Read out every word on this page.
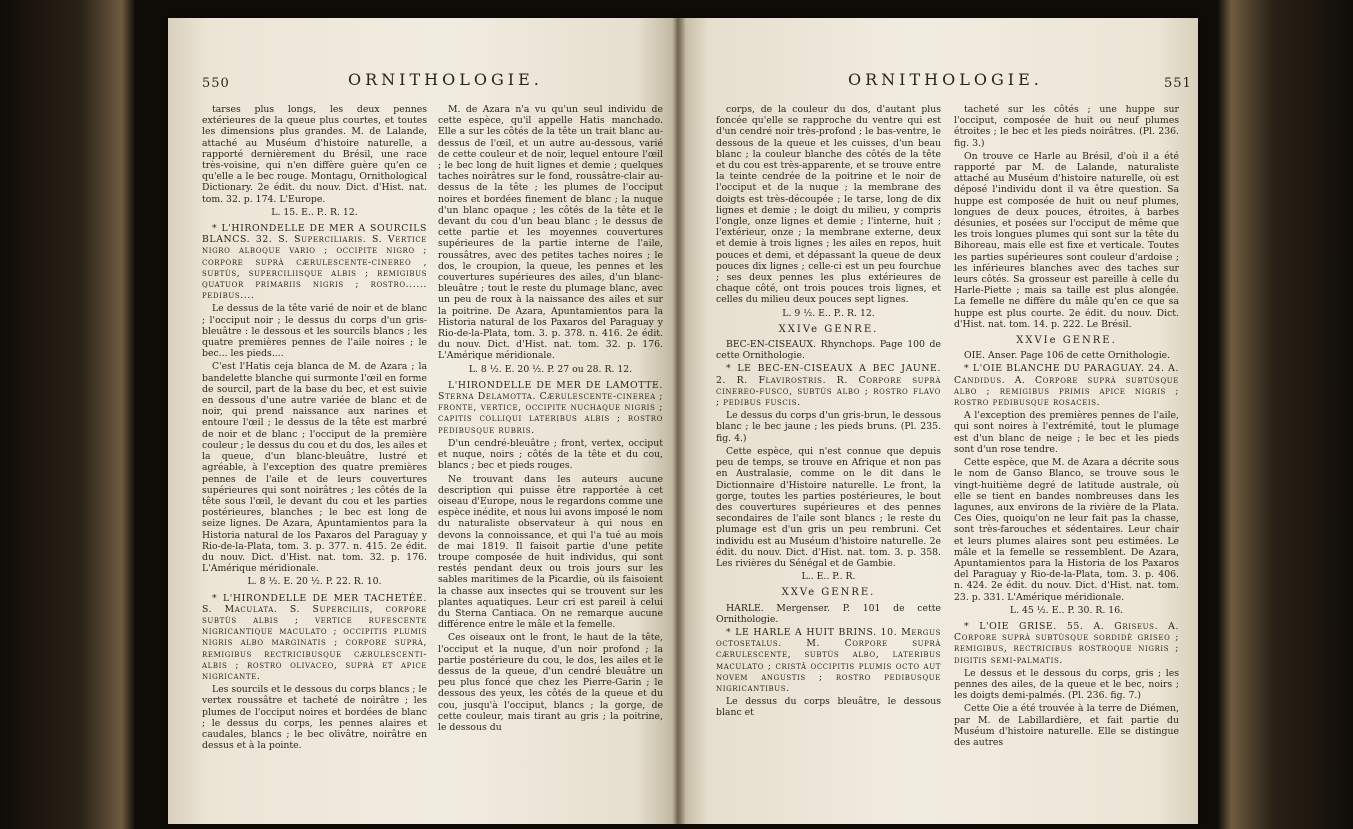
550	ORNITHOLOGIE.

tarses plus longs, les deux pennes extérieures de la queue plus courtes, et toutes les dimensions plus grandes. M. de Lalande, attaché au Muséum d'histoire naturelle, a rapporté dernièrement du Brésil, une race très-voisine, qui n'en diffère guère qu'en ce qu'elle a le bec rouge. Montagu, Ornithological Dictionary. 2e édit. du nouv. Dict. d'Hist. nat. tom. 32. p. 174. L'Europe.

L. 15. E.. P.. R. 12.

* L'HIRONDELLE DE MER A SOURCILS BLANCS. 32. S. Superciliaris. S. Vertice nigro alboque vario ; occipite nigro ; corpore suprà cærulescente-cinereo , subtùs, superciliisque albis ; remigibus quatuor primariis nigris ; rostro...... pedibus....

Le dessus de la tête varié de noir et de blanc ; l'occiput noir ; le dessus du corps d'un gris-bleuâtre : le dessous et les sourcils blancs ; les quatre premières pennes de l'aile noires ; le bec... les pieds....

C'est l'Hatis ceja blanca de M. de Azara ; la bandelette blanche qui surmonte l'œil en forme de sourcil, part de la base du bec, et est suivie en dessous d'une autre variée de blanc et de noir, qui prend naissance aux narines et entoure l'œil ; le dessus de la tête est marbré de noir et de blanc ; l'occiput de la première couleur ; le dessus du cou et du dos, les ailes et la queue, d'un blanc-bleuâtre, lustré et agréable, à l'exception des quatre premières pennes de l'aile et de leurs couvertures supérieures qui sont noirâtres ; les côtés de la tête sous l'œil, le devant du cou et les parties postérieures, blanches ; le bec est long de seize lignes. De Azara, Apuntamientos para la Historia natural de los Paxaros del Paraguay y Rio-de-la-Plata, tom. 3. p. 377. n. 415. 2e édit. du nouv. Dict. d'Hist. nat. tom. 32. p. 176. L'Amérique méridionale.

L. 8 ½. E. 20 ½. P. 22. R. 10.

* L'HIRONDELLE DE MER TACHETÉE. S. Maculata. S. Superciliis, corpore subtùs albis ; vertice rufescente nigricantique maculato ; occipitis plumis nigris albo marginatis ; corpore suprà, remigibus rectricibusque cærulescenti-albis ; rostro olivaceo, suprà et apice nigricante.

Les sourcils et le dessous du corps blancs ; le vertex roussâtre et tacheté de noirâtre ; les plumes de l'occiput noires et bordées de blanc ; le dessus du corps, les pennes alaires et caudales, blancs ; le bec olivâtre, noirâtre en dessus et à la pointe.

M. de Azara n'a vu qu'un seul individu de cette espèce, qu'il appelle Hatis manchado. Elle a sur les côtés de la tête un trait blanc au-dessus de l'œil, et un autre au-dessous, varié de cette couleur et de noir, lequel entoure l'œil ; le bec long de huit lignes et demie ; quelques taches noirâtres sur le fond, roussâtre-clair au-dessus de la tête ; les plumes de l'occiput noires et bordées finement de blanc ; la nuque d'un blanc opaque ; les côtés de la tête et le devant du cou d'un beau blanc ; le dessus de cette partie et les moyennes couvertures supérieures de la partie interne de l'aile, roussâtres, avec des petites taches noires ; le dos, le croupion, la queue, les pennes et les couvertures supérieures des ailes, d'un blanc-bleuâtre ; tout le reste du plumage blanc, avec un peu de roux à la naissance des ailes et sur la poitrine. De Azara, Apuntamientos para la Historia natural de los Paxaros del Paraguay y Rio-de-la-Plata, tom. 3. p. 378. n. 416. 2e édit. du nouv. Dict. d'Hist. nat. tom. 32. p. 176. L'Amérique méridionale.

L. 8 ½. E. 20 ½. P. 27 ou 28. R. 12.

L'HIRONDELLE DE MER DE LAMOTTE. Sterna Delamotta. Cærulescente-cinerea ; fronte, vertice, occipite nuchaque nigris ; capitis colliqui lateribus albis ; rostro pedibusque rubris.

D'un cendré-bleuâtre ; front, vertex, occiput et nuque, noirs ; côtés de la tête et du cou, blancs ; bec et pieds rouges.

Ne trouvant dans les auteurs aucune description qui puisse être rapportée à cet oiseau d'Europe, nous le regardons comme une espèce inédite, et nous lui avons imposé le nom du naturaliste observateur à qui nous en devons la connoissance, et qui l'a tué au mois de mai 1819. Il faisoit partie d'une petite troupe composée de huit individus, qui sont restés pendant deux ou trois jours sur les sables maritimes de la Picardie, où ils faisoient la chasse aux insectes qui se trouvent sur les plantes aquatiques. Leur cri est pareil à celui du Sterna Cantiaca. On ne remarque aucune différence entre le mâle et la femelle.

Ces oiseaux ont le front, le haut de la tête, l'occiput et la nuque, d'un noir profond ; la partie postérieure du cou, le dos, les ailes et le dessus de la queue, d'un cendré bleuâtre un peu plus foncé que chez les Pierre-Garin ; le dessous des yeux, les côtés de la queue et du cou, jusqu'à l'occiput, blancs ; la gorge, de cette couleur, mais tirant au gris ; la poitrine, le dessous du

551
ORNITHOLOGIE.

corps, de la couleur du dos, d'autant plus foncée qu'elle se rapproche du ventre qui est d'un cendré noir très-profond ; le bas-ventre, le dessous de la queue et les cuisses, d'un beau blanc ; la couleur blanche des côtés de la tête et du cou est très-apparente, et se trouve entre la teinte cendrée de la poitrine et le noir de l'occiput et de la nuque ; la membrane des doigts est très-découpée ; le tarse, long de dix lignes et demie ; le doigt du milieu, y compris l'ongle, onze lignes et demie ; l'interne, huit ; l'extérieur, onze ; la membrane externe, deux et demie à trois lignes ; les ailes en repos, huit pouces et demi, et dépassant la queue de deux pouces dix lignes ; celle-ci est un peu fourchue ; ses deux pennes les plus extérieures de chaque côté, ont trois pouces trois lignes, et celles du milieu deux pouces sept lignes.

L. 9 ½. E.. P.. R. 12.

XXIVe GENRE.

BEC-EN-CISEAUX. Rhynchops. Page 100 de cette Ornithologie.

* LE BEC-EN-CISEAUX A BEC JAUNE. 2. R. Flavirostris. R. Corpore suprà cinereo-fusco, subtùs albo ; rostro flavo ; pedibus fuscis.

Le dessus du corps d'un gris-brun, le dessous blanc ; le bec jaune ; les pieds bruns. (Pl. 235. fig. 4.)

Cette espèce, qui n'est connue que depuis peu de temps, se trouve en Afrique et non pas en Australasie, comme on le dit dans le Dictionnaire d'Histoire naturelle. Le front, la gorge, toutes les parties postérieures, le bout des couvertures supérieures et des pennes secondaires de l'aile sont blancs ; le reste du plumage est d'un gris un peu rembruni. Cet individu est au Muséum d'histoire naturelle. 2e édit. du nouv. Dict. d'Hist. nat. tom. 3. p. 358. Les rivières du Sénégal et de Gambie.

L.. E.. P.. R.

XXVe GENRE.

HARLE. Mergenser. P. 101 de cette Ornithologie.

* LE HARLE A HUIT BRINS. 10. Mergus octosetalus. M. Corpore suprà cærulescente, subtùs albo, lateribus maculato ; cristâ occipitis plumis octo aut novem angustis ; rostro pedibusque nigricantibus.

Le dessus du corps bleuâtre, le dessous blanc et

tacheté sur les côtés ; une huppe sur l'occiput, composée de huit ou neuf plumes étroites ; le bec et les pieds noirâtres. (Pl. 236. fig. 3.)

On trouve ce Harle au Brésil, d'où il a été rapporté par M. de Lalande, naturaliste attaché au Muséum d'histoire naturelle, où est déposé l'individu dont il va être question. Sa huppe est composée de huit ou neuf plumes, longues de deux pouces, étroites, à barbes désunies, et posées sur l'occiput de même que les trois longues plumes qui sont sur la tête du Bihoreau, mais elle est fixe et verticale. Toutes les parties supérieures sont couleur d'ardoise ; les inférieures blanches avec des taches sur leurs côtés. Sa grosseur est pareille à celle du Harle-Piette ; mais sa taille est plus alongée. La femelle ne diffère du mâle qu'en ce que sa huppe est plus courte. 2e édit. du nouv. Dict. d'Hist. nat. tom. 14. p. 222. Le Brésil.

XXVIe GENRE.

OIE. Anser. Page 106 de cette Ornithologie.

* L'OIE BLANCHE DU PARAGUAY. 24. A. Candidus. A. Corpore suprà subtùsque albo ; remigibus primis apice nigris ; rostro pedibusque rosaceis.

A l'exception des premières pennes de l'aile, qui sont noires à l'extrémité, tout le plumage est d'un blanc de neige ; le bec et les pieds sont d'un rose tendre.

Cette espèce, que M. de Azara a décrite sous le nom de Ganso Blanco, se trouve sous le vingt-huitième degré de latitude australe, où elle se tient en bandes nombreuses dans les lagunes, aux environs de la rivière de la Plata. Ces Oies, quoiqu'on ne leur fait pas la chasse, sont très-farouches et sédentaires. Leur chair et leurs plumes alaires sont peu estimées. Le mâle et la femelle se ressemblent. De Azara, Apuntamientos para la Historia de los Paxaros del Paraguay y Rio-de-la-Plata, tom. 3. p. 406. n. 424. 2e édit. du nouv. Dict. d'Hist. nat. tom. 23. p. 331. L'Amérique méridionale.

L. 45 ½. E.. P. 30. R. 16.

* L'OIE GRISE. 55. A. Griseus. A. Corpore suprà subtùsque sordidè griseo ; remigibus, rectricibus rostroque nigris ; digitis semi-palmatis.

Le dessus et le dessous du corps, gris ; les pennes des ailes, de la queue et le bec, noirs ; les doigts demi-palmés. (Pl. 236. fig. 7.)

Cette Oie a été trouvée à la terre de Diémen, par M. de Labillardière, et fait partie du Muséum d'histoire naturelle. Elle se distingue des autres
